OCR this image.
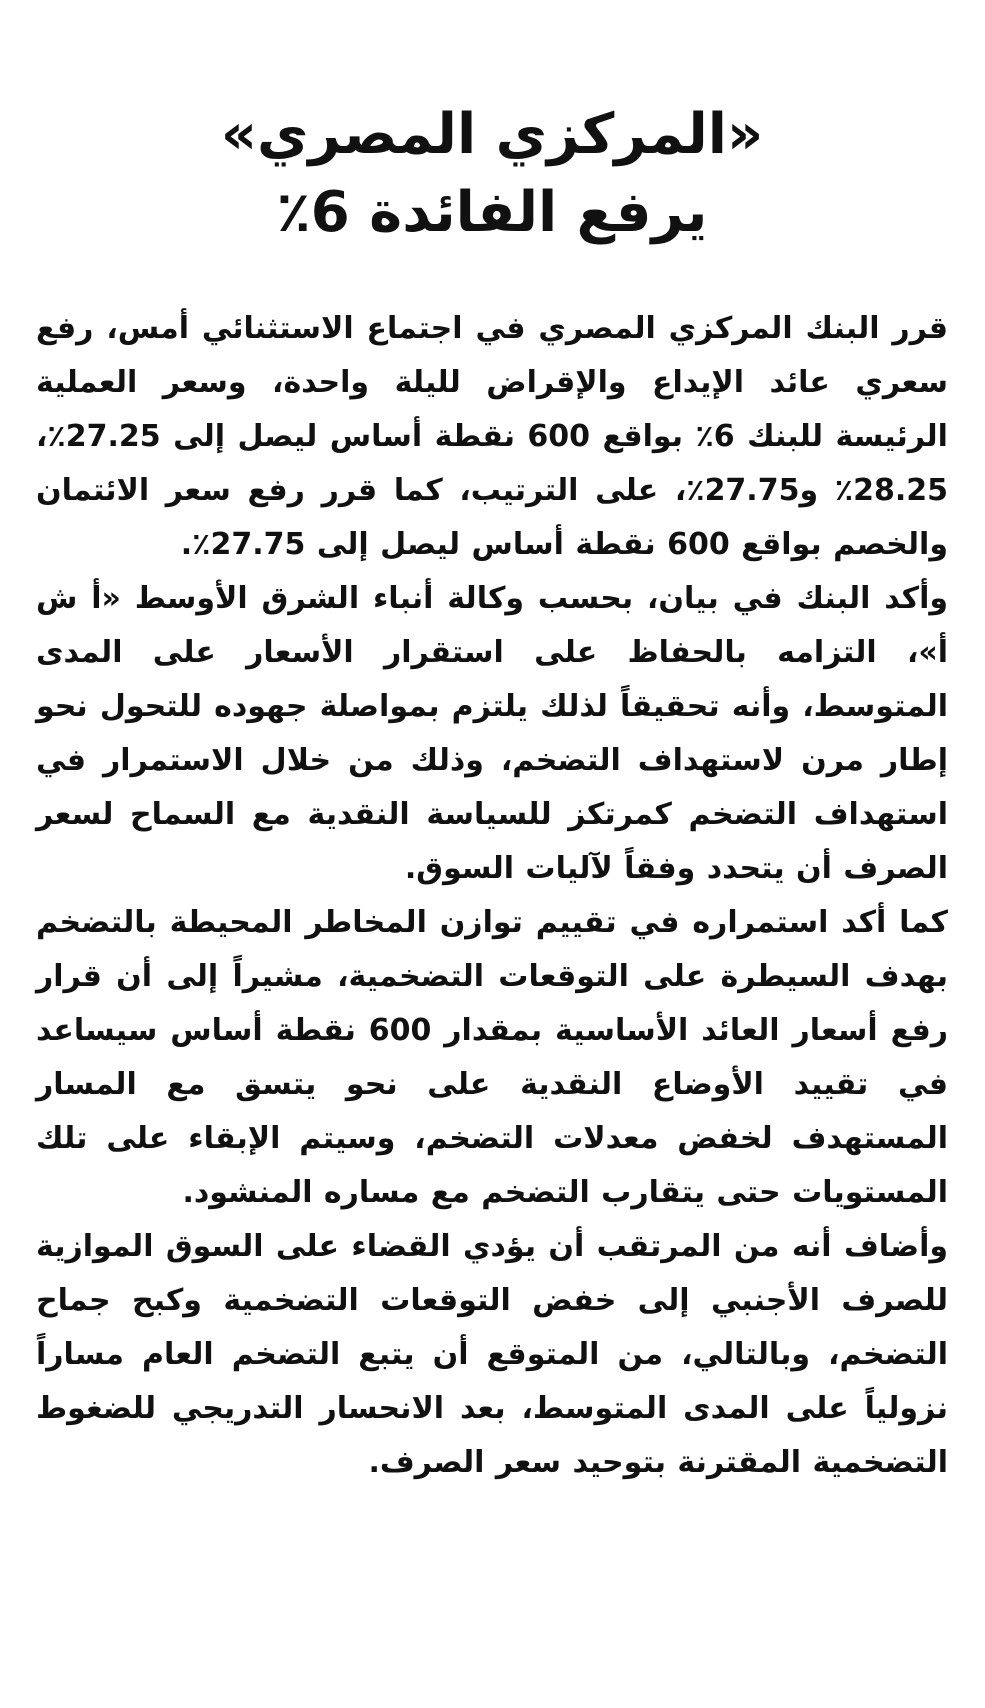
«المركزي المصري»
يرفع الفائدة 6٪

قرر البنك المركزي المصري في اجتماع الاستثنائي أمس، رفع سعري عائد الإيداع والإقراض لليلة واحدة، وسعر العملية الرئيسة للبنك 6٪ بواقع 600 نقطة أساس ليصل إلى 27.25٪، 28.25٪ و27.75٪، على الترتيب، كما قرر رفع سعر الائتمان والخصم بواقع 600 نقطة أساس ليصل إلى 27.75٪.

وأكد البنك في بيان، بحسب وكالة أنباء الشرق الأوسط «أ ش أ»، التزامه بالحفاظ على استقرار الأسعار على المدى المتوسط، وأنه تحقيقاً لذلك يلتزم بمواصلة جهوده للتحول نحو إطار مرن لاستهداف التضخم، وذلك من خلال الاستمرار في استهداف التضخم كمرتكز للسياسة النقدية مع السماح لسعر الصرف أن يتحدد وفقاً لآليات السوق.

كما أكد استمراره في تقييم توازن المخاطر المحيطة بالتضخم بهدف السيطرة على التوقعات التضخمية، مشيراً إلى أن قرار رفع أسعار العائد الأساسية بمقدار 600 نقطة أساس سيساعد في تقييد الأوضاع النقدية على نحو يتسق مع المسار المستهدف لخفض معدلات التضخم، وسيتم الإبقاء على تلك المستويات حتى يتقارب التضخم مع مساره المنشود.

وأضاف أنه من المرتقب أن يؤدي القضاء على السوق الموازية للصرف الأجنبي إلى خفض التوقعات التضخمية وكبح جماح التضخم، وبالتالي، من المتوقع أن يتبع التضخم العام مساراً نزولياً على المدى المتوسط، بعد الانحسار التدريجي للضغوط التضخمية المقترنة بتوحيد سعر الصرف.
